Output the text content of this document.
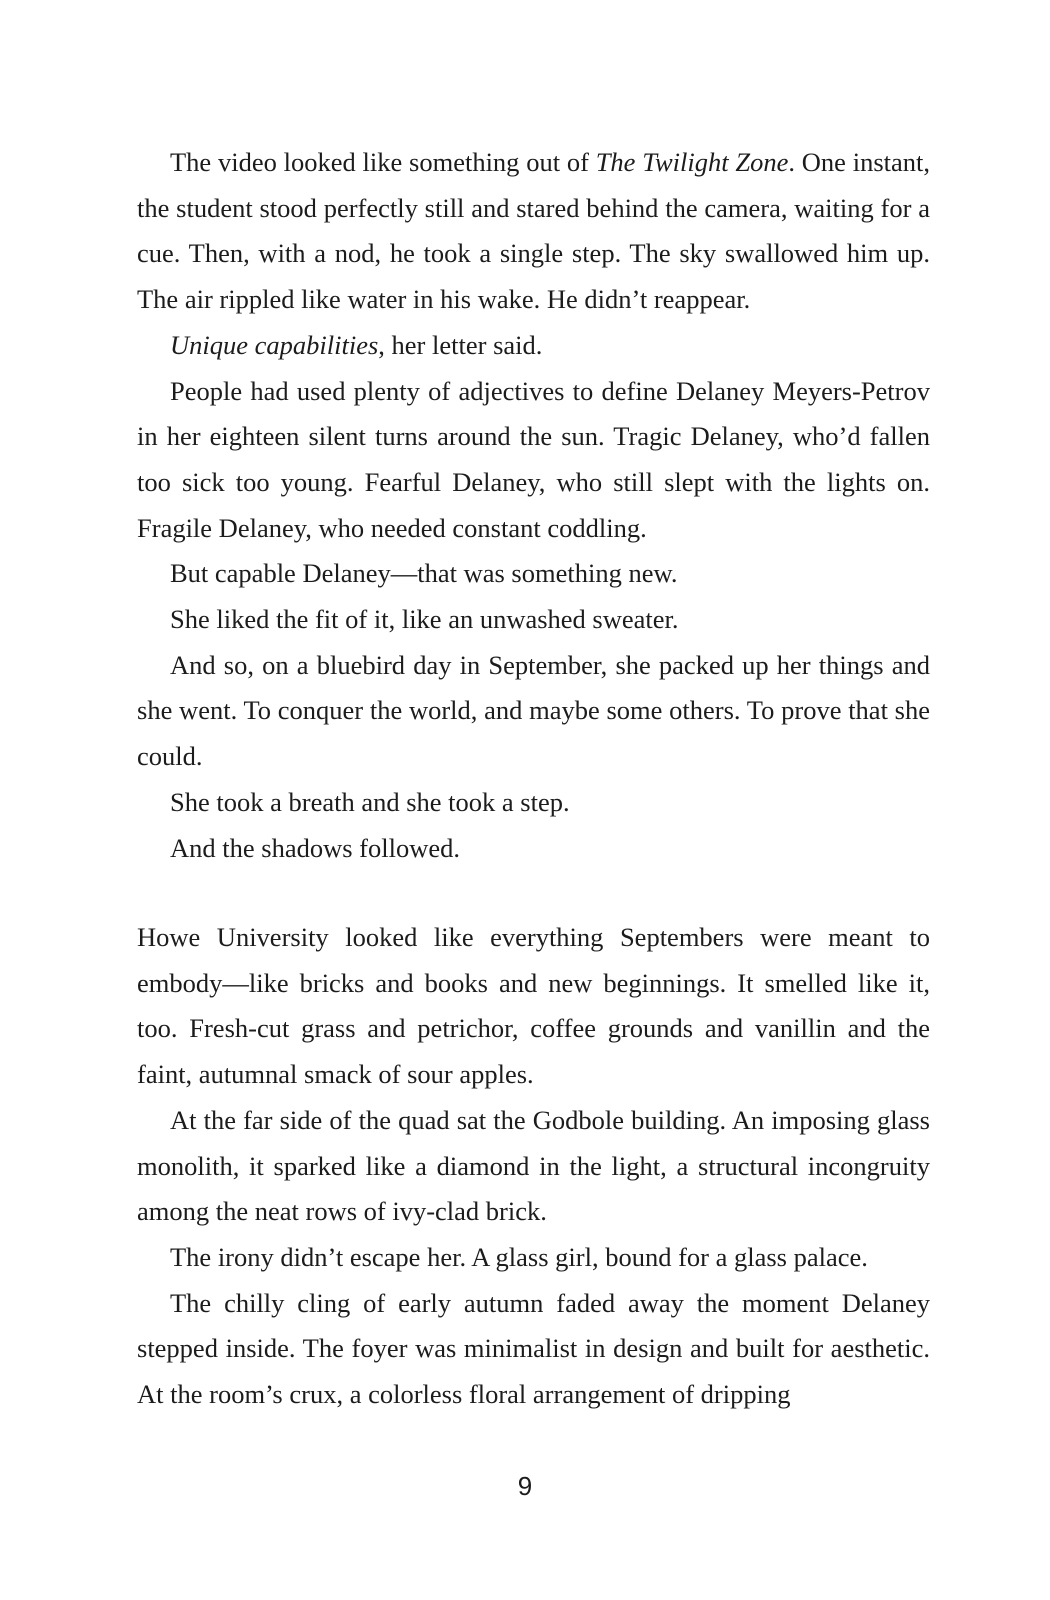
The video looked like something out of The Twilight Zone. One instant, the student stood perfectly still and stared behind the camera, waiting for a cue. Then, with a nod, he took a single step. The sky swallowed him up. The air rippled like water in his wake. He didn’t reappear.

Unique capabilities, her letter said.

People had used plenty of adjectives to define Delaney Meyers-Petrov in her eighteen silent turns around the sun. Tragic Delaney, who’d fallen too sick too young. Fearful Delaney, who still slept with the lights on. Fragile Delaney, who needed constant coddling.

But capable Delaney—that was something new.

She liked the fit of it, like an unwashed sweater.

And so, on a bluebird day in September, she packed up her things and she went. To conquer the world, and maybe some others. To prove that she could.

She took a breath and she took a step.

And the shadows followed.

Howe University looked like everything Septembers were meant to embody—like bricks and books and new beginnings. It smelled like it, too. Fresh-cut grass and petrichor, coffee grounds and vanillin and the faint, autumnal smack of sour apples.

At the far side of the quad sat the Godbole building. An imposing glass monolith, it sparked like a diamond in the light, a structural incongruity among the neat rows of ivy-clad brick.

The irony didn’t escape her. A glass girl, bound for a glass palace.

The chilly cling of early autumn faded away the moment Delaney stepped inside. The foyer was minimalist in design and built for aesthetic. At the room’s crux, a colorless floral arrangement of dripping

9
